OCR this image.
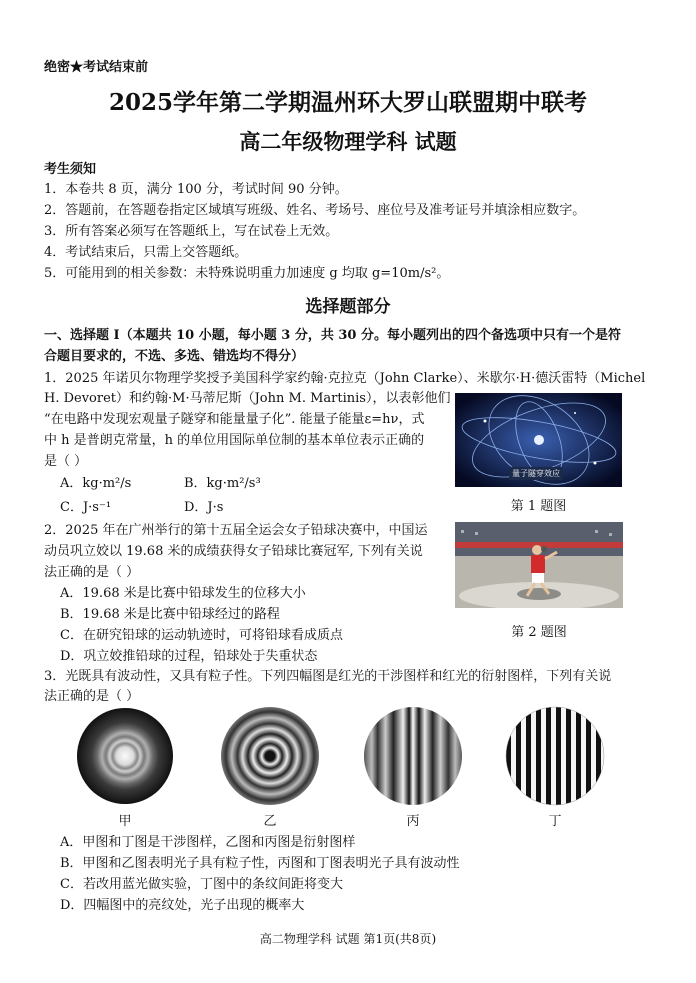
绝密★考试结束前
2025学年第二学期温州环大罗山联盟期中联考
高二年级物理学科 试题
考生须知
1．本卷共 8 页，满分 100 分，考试时间 90 分钟。
2．答题前，在答题卷指定区域填写班级、姓名、考场号、座位号及准考证号并填涂相应数字。
3．所有答案必须写在答题纸上，写在试卷上无效。
4．考试结束后，只需上交答题纸。
5．可能用到的相关参数：未特殊说明重力加速度 g 均取 g=10m/s²。
选择题部分
一、选择题 Ⅰ（本题共 10 小题，每小题 3 分，共 30 分。每小题列出的四个备选项中只有一个是符
合题目要求的，不选、多选、错选均不得分）
1．2025 年诺贝尔物理学奖授予美国科学家约翰·克拉克（John Clarke）、米歇尔·H·德沃雷特（Michel
H. Devoret）和约翰·M·马蒂尼斯（John M. Martinis），以表彰他们
“在电路中发现宏观量子隧穿和能量量子化”. 能量子能量ε=hν，式
中 h 是普朗克常量，h 的单位用国际单位制的基本单位表示正确的
是（ ）
A．kg·m²/s	B．kg·m²/s³
C．J·s⁻¹	D．J·s
量子隧穿效应
第 1 题图
2．2025 年在广州举行的第十五届全运会女子铅球决赛中，中国运
动员巩立姣以 19.68 米的成绩获得女子铅球比赛冠军, 下列有关说
法正确的是（ ）
A．19.68 米是比赛中铅球发生的位移大小
B．19.68 米是比赛中铅球经过的路程
C．在研究铅球的运动轨迹时，可将铅球看成质点
D．巩立姣推铅球的过程，铅球处于失重状态
第 2 题图
3．光既具有波动性，又具有粒子性。下列四幅图是红光的干涉图样和红光的衍射图样，下列有关说
法正确的是（ ）
甲	乙	丙	丁
A．甲图和丁图是干涉图样，乙图和丙图是衍射图样
B．甲图和乙图表明光子具有粒子性，丙图和丁图表明光子具有波动性
C．若改用蓝光做实验，丁图中的条纹间距将变大
D．四幅图中的亮纹处，光子出现的概率大
高二物理学科 试题 第1页(共8页)
